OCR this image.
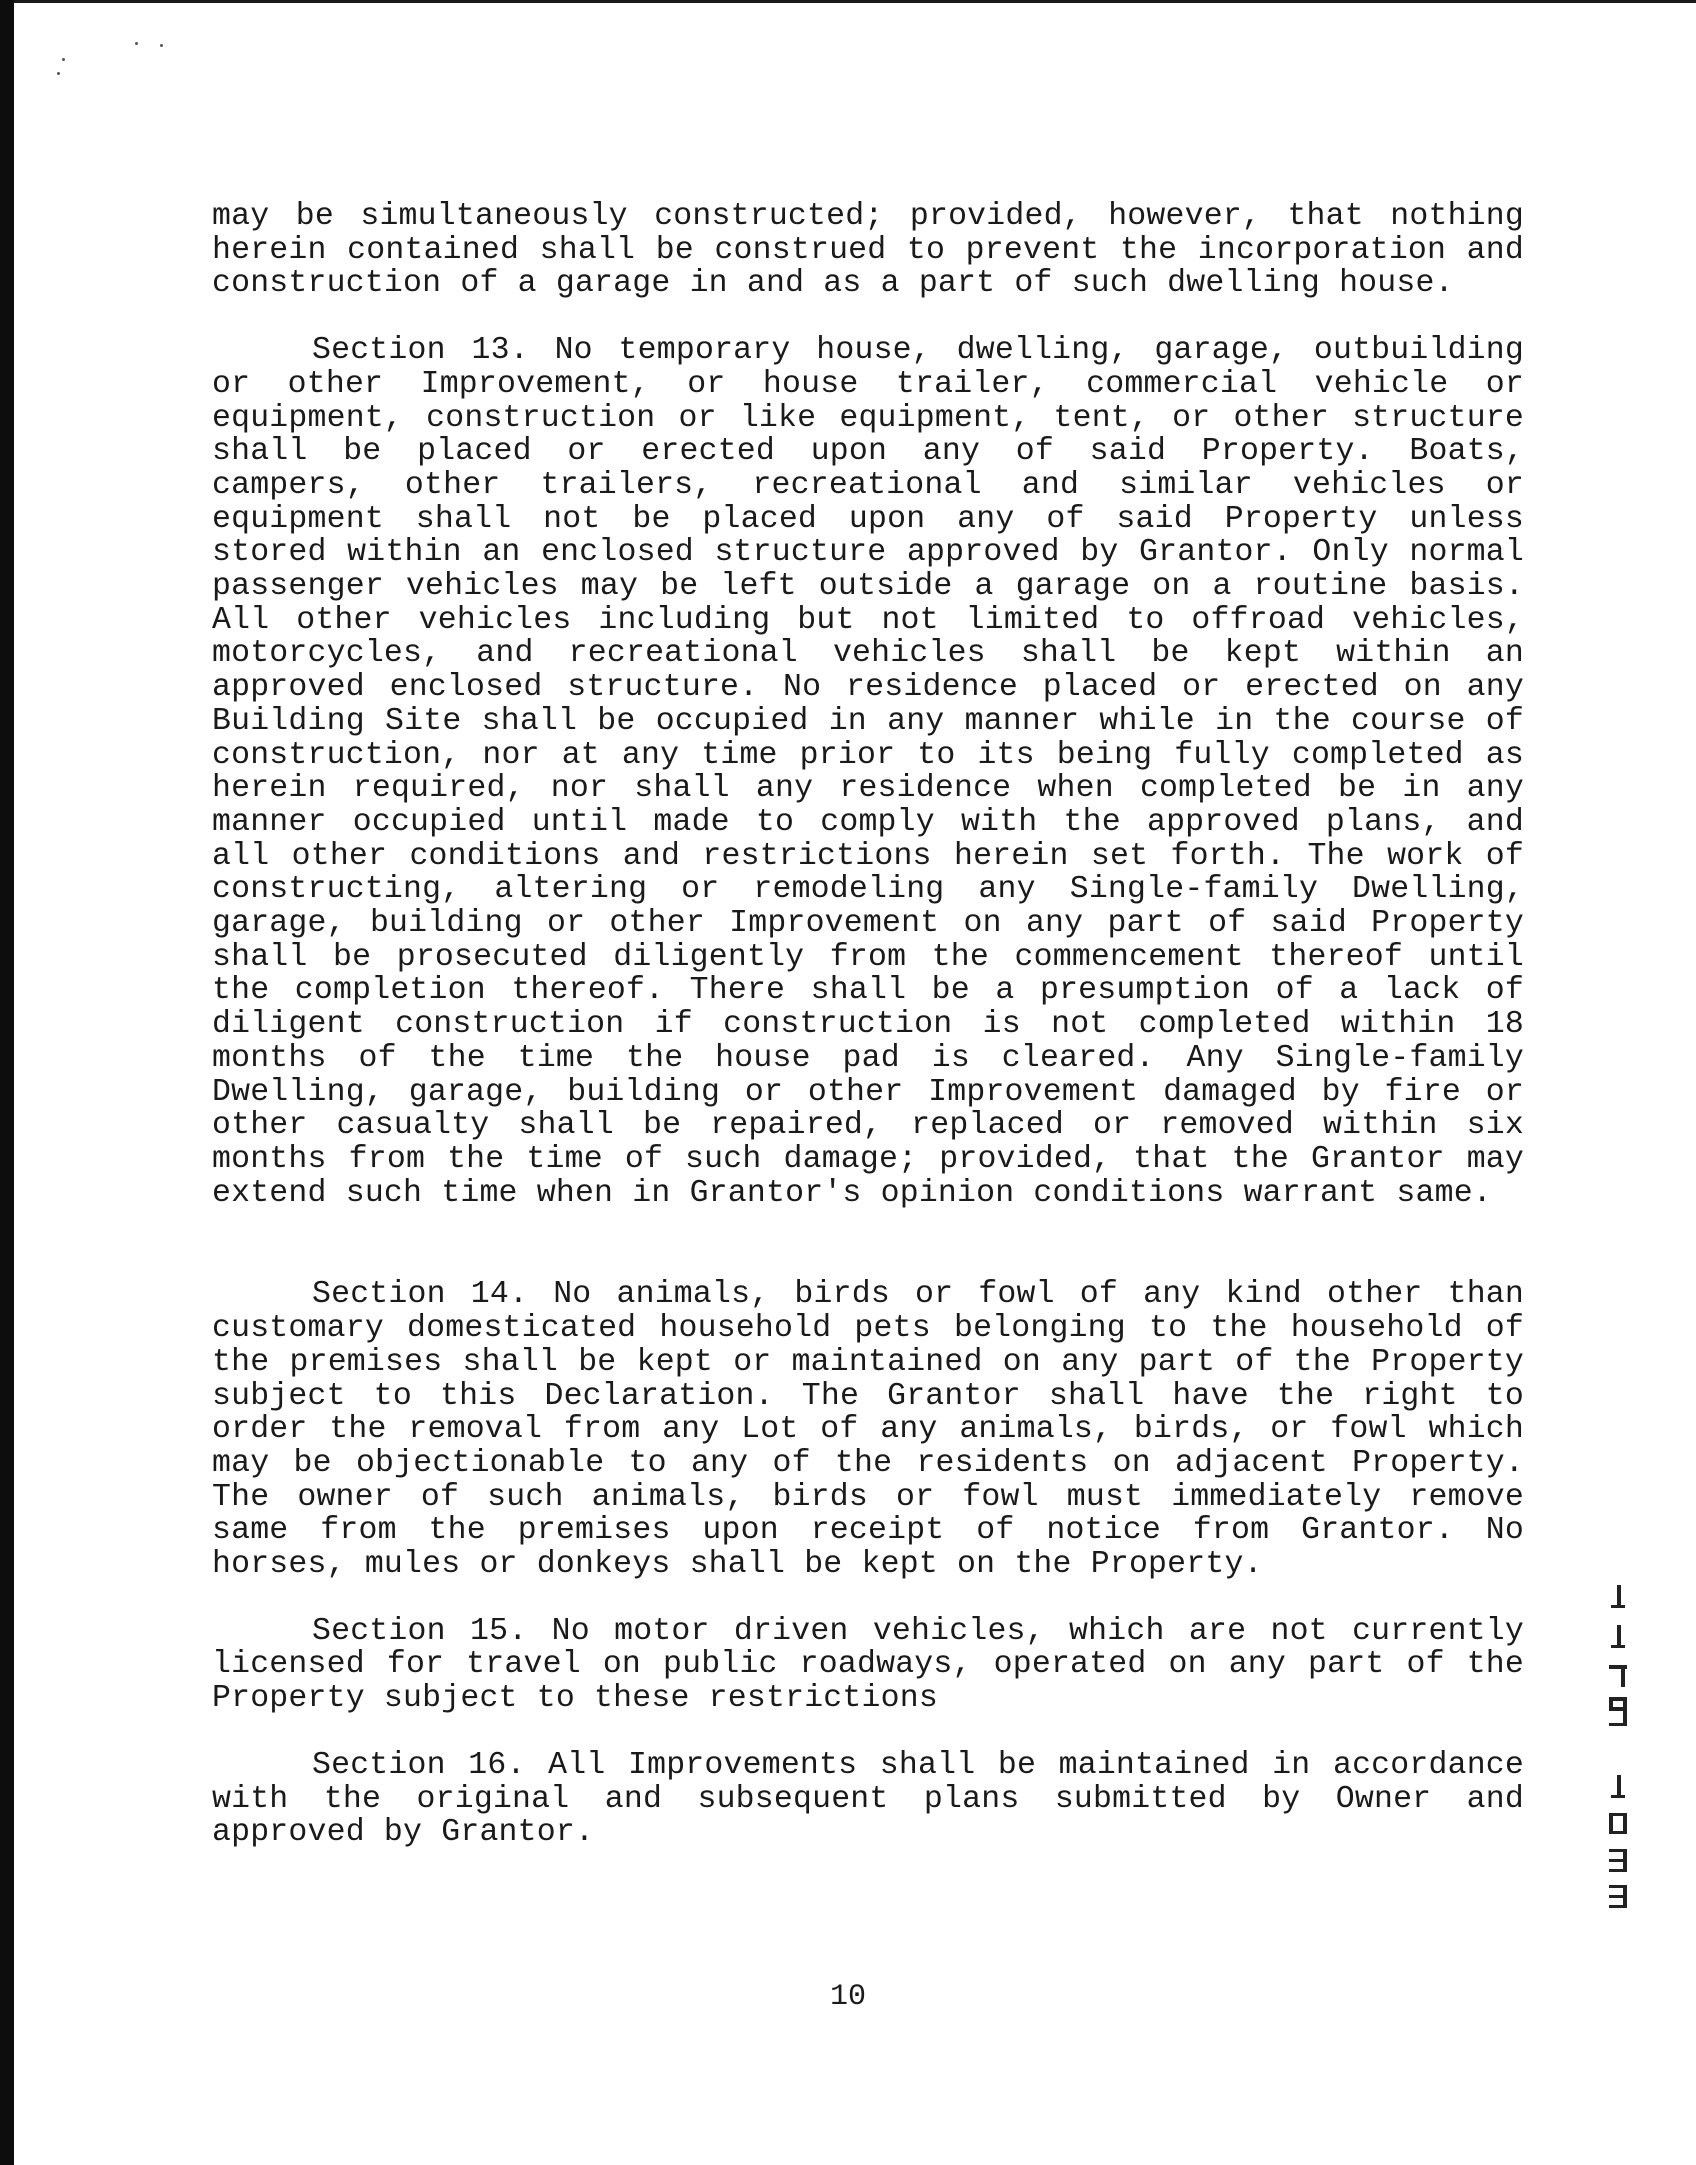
may be simultaneously constructed; provided, however, that nothing herein contained shall be construed to prevent the incorporation and construction of a garage in and as a part of such dwelling house.

Section 13. No temporary house, dwelling, garage, outbuilding or other Improvement, or house trailer, commercial vehicle or equipment, construction or like equipment, tent, or other structure shall be placed or erected upon any of said Property. Boats, campers, other trailers, recreational and similar vehicles or equipment shall not be placed upon any of said Property unless stored within an enclosed structure approved by Grantor. Only normal passenger vehicles may be left outside a garage on a routine basis. All other vehicles including but not limited to offroad vehicles, motorcycles, and recreational vehicles shall be kept within an approved enclosed structure. No residence placed or erected on any Building Site shall be occupied in any manner while in the course of construction, nor at any time prior to its being fully completed as herein required, nor shall any residence when completed be in any manner occupied until made to comply with the approved plans, and all other conditions and restrictions herein set forth. The work of constructing, altering or remodeling any Single-family Dwelling, garage, building or other Improvement on any part of said Property shall be prosecuted diligently from the commencement thereof until the completion thereof. There shall be a presumption of a lack of diligent construction if construction is not completed within 18 months of the time the house pad is cleared. Any Single-family Dwelling, garage, building or other Improvement damaged by fire or other casualty shall be repaired, replaced or removed within six months from the time of such damage; provided, that the Grantor may extend such time when in Grantor's opinion conditions warrant same.

Section 14. No animals, birds or fowl of any kind other than customary domesticated household pets belonging to the household of the premises shall be kept or maintained on any part of the Property subject to this Declaration. The Grantor shall have the right to order the removal from any Lot of any animals, birds, or fowl which may be objectionable to any of the residents on adjacent Property. The owner of such animals, birds or fowl must immediately remove same from the premises upon receipt of notice from Grantor. No horses, mules or donkeys shall be kept on the Property.

Section 15. No motor driven vehicles, which are not currently licensed for travel on public roadways, operated on any part of the Property subject to these restrictions

Section 16. All Improvements shall be maintained in accordance with the original and subsequent plans submitted by Owner and approved by Grantor.

10
